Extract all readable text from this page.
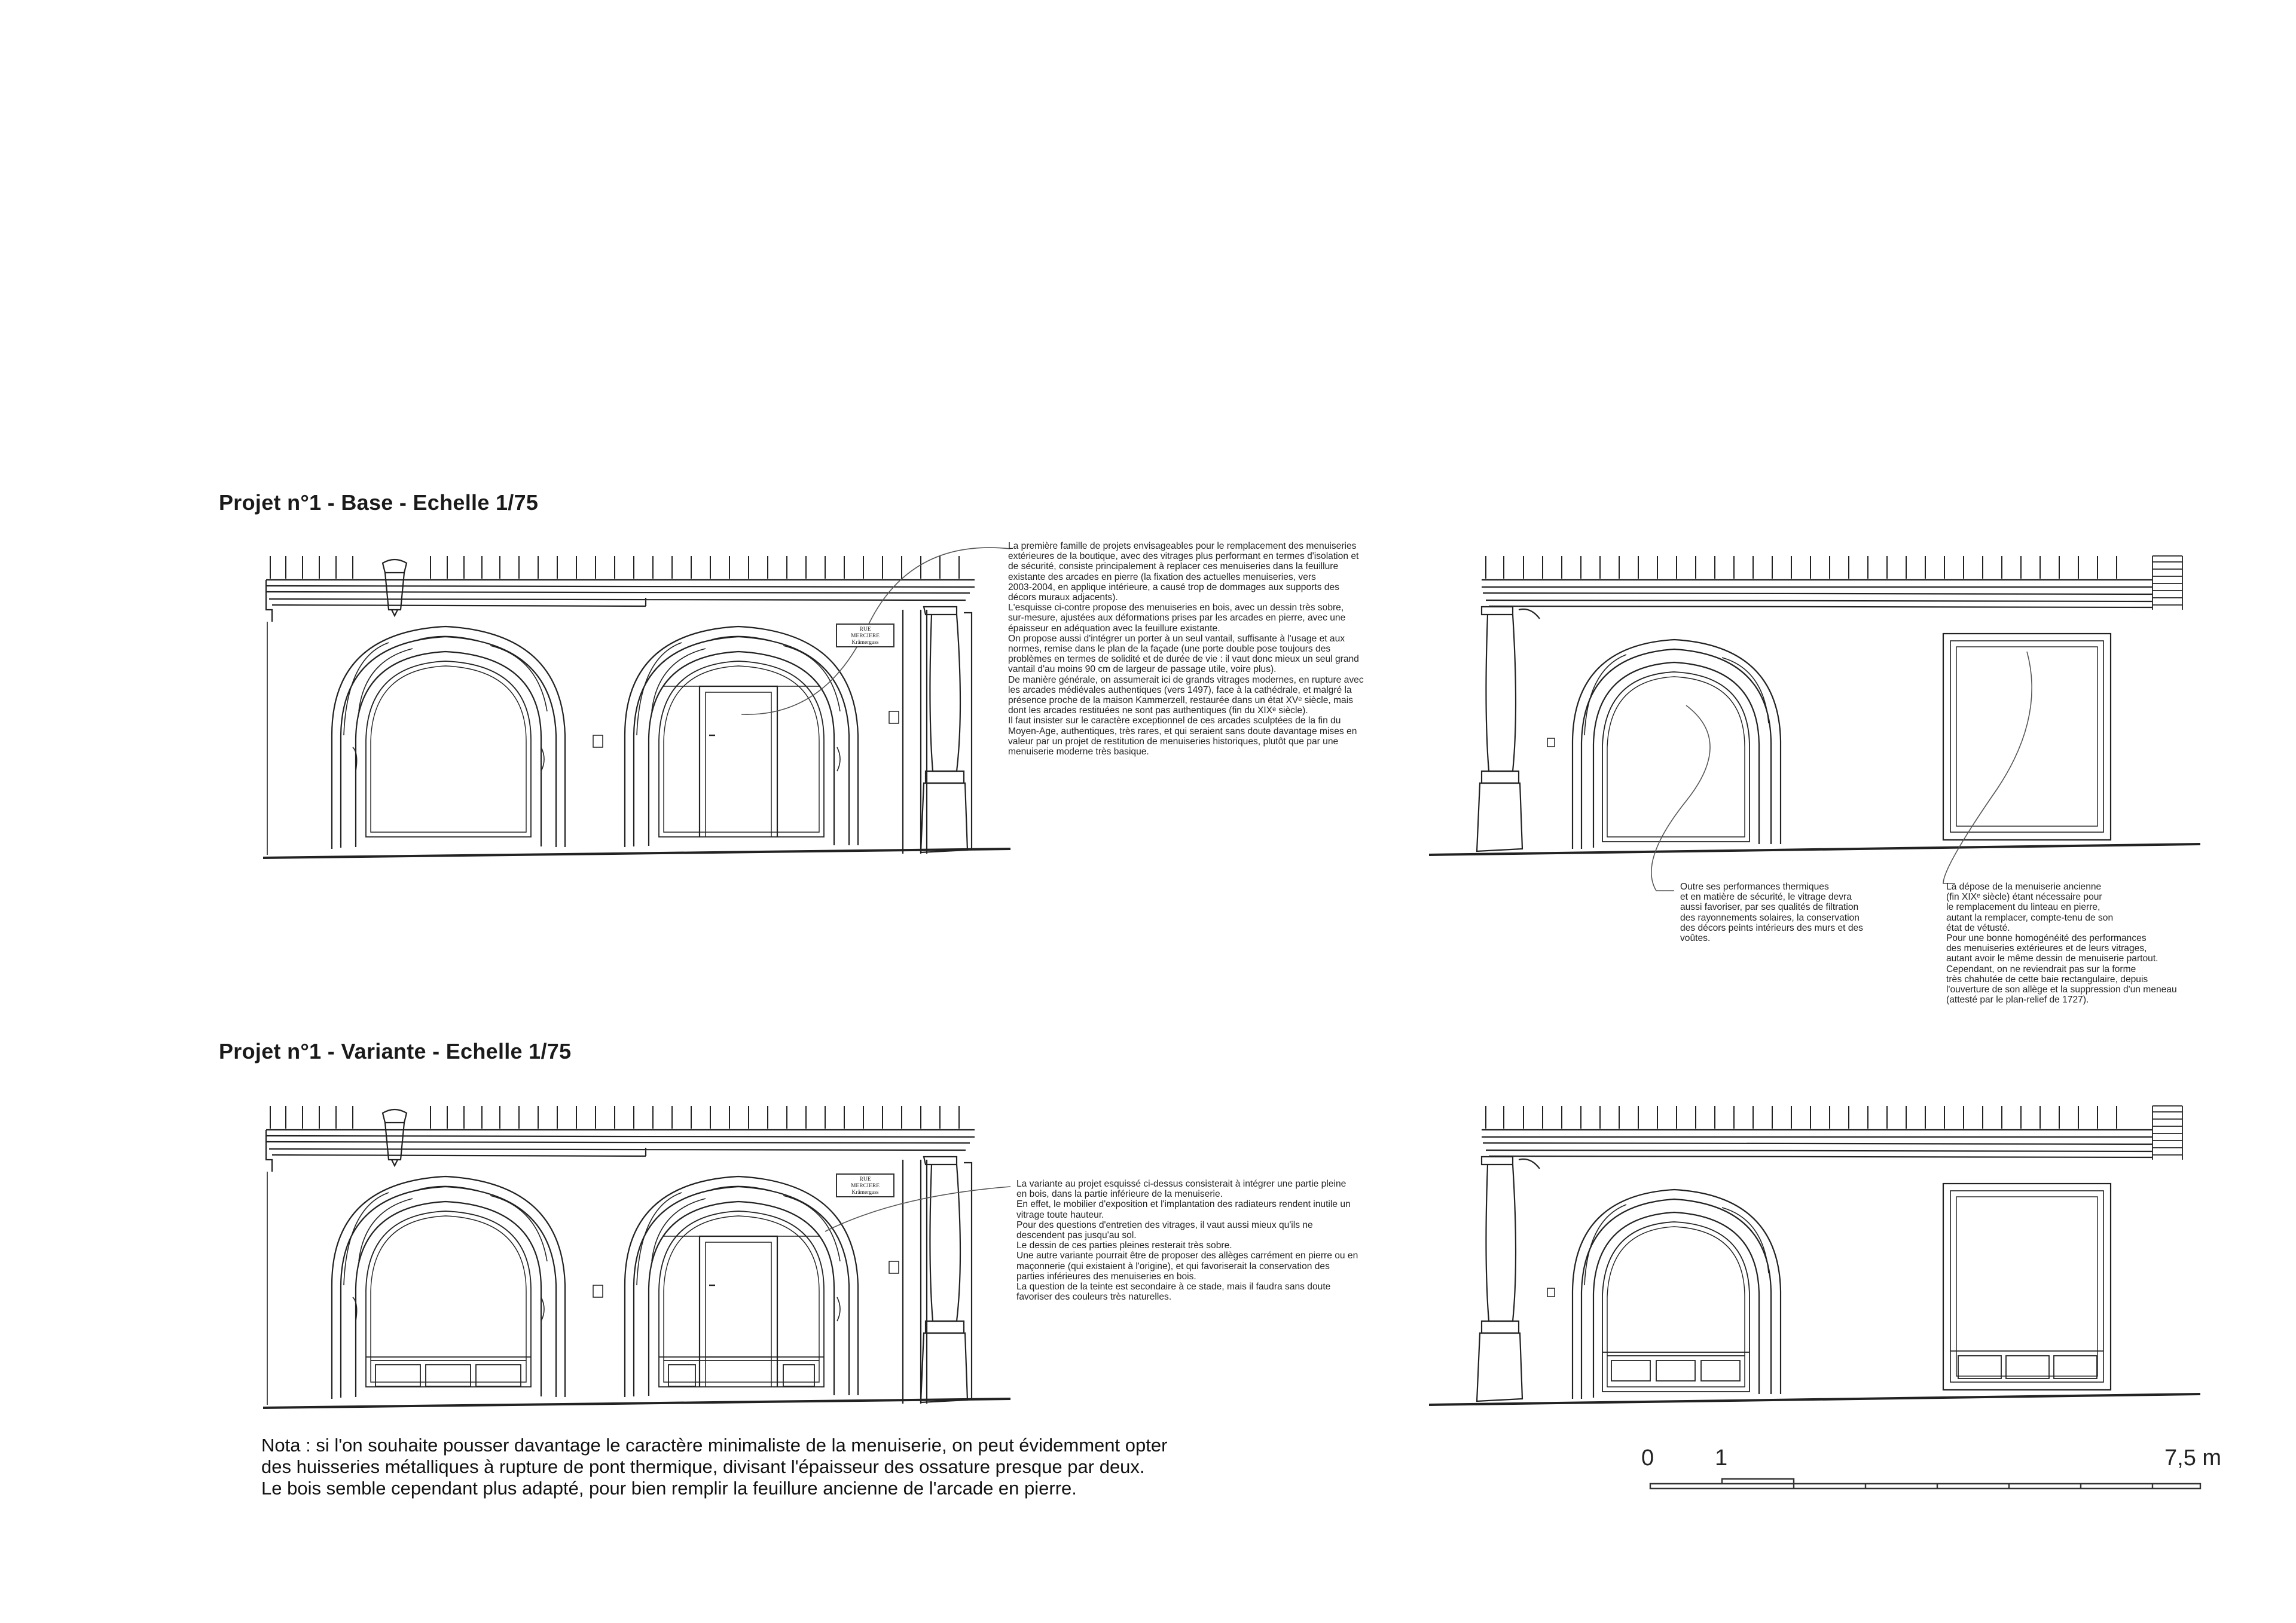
Projet n°1 - Base - Echelle 1/75
Projet n°1 - Variante - Echelle 1/75
RUE
MERCIERE
Krämergass
RUE
MERCIERE
Krämergass

La première famille de projets envisageables pour le remplacement des menuiseries

extérieures de la boutique, avec des vitrages plus performant en termes d'isolation et

de sécurité, consiste principalement à replacer ces menuiseries dans la feuillure

existante des arcades en pierre (la fixation des actuelles menuiseries, vers

2003-2004, en applique intérieure, a causé trop de dommages aux supports des

décors muraux adjacents).

L'esquisse ci-contre propose des menuiseries en bois, avec un dessin très sobre,

sur-mesure, ajustées aux déformations prises par les arcades en pierre, avec une

épaisseur en adéquation avec la feuillure existante.

On propose aussi d'intégrer un porter à un seul vantail, suffisante à l'usage et aux

normes, remise dans le plan de la façade (une porte double pose toujours des

problèmes en termes de solidité et de durée de vie : il vaut donc mieux un seul grand

vantail d'au moins 90 cm de largeur de passage utile, voire plus).

De manière générale, on assumerait ici de grands vitrages modernes, en rupture avec

les arcades médiévales authentiques (vers 1497), face à la cathédrale, et malgré la

présence proche de la maison Kammerzell, restaurée dans un état XVᵉ siècle, mais

dont les arcades restituées ne sont pas authentiques (fin du XIXᵉ siècle).

Il faut insister sur le caractère exceptionnel de ces arcades sculptées de la fin du

Moyen-Age, authentiques, très rares, et qui seraient sans doute davantage mises en

valeur par un projet de restitution de menuiseries historiques, plutôt que par une

menuiserie moderne très basique.

Outre ses performances thermiques

et en matière de sécurité, le vitrage devra

aussi favoriser, par ses qualités de filtration

des rayonnements solaires, la conservation

des décors peints intérieurs des murs et des

voûtes.

La dépose de la menuiserie ancienne

(fin XIXᵉ siècle) étant nécessaire pour

le remplacement du linteau en pierre,

autant la remplacer, compte-tenu de son

état de vétusté.

Pour une bonne homogénéité des performances

des menuiseries extérieures et de leurs vitrages,

autant avoir le même dessin de menuiserie partout.

Cependant, on ne reviendrait pas sur la forme

très chahutée de cette baie rectangulaire, depuis

l'ouverture de son allège et la suppression d'un meneau

(attesté par le plan-relief de 1727).

La variante au projet esquissé ci-dessus consisterait à intégrer une partie pleine

en bois, dans la partie inférieure de la menuiserie.

En effet, le mobilier d'exposition et l'implantation des radiateurs rendent inutile un

vitrage toute hauteur.

Pour des questions d'entretien des vitrages, il vaut aussi mieux qu'ils ne

descendent pas jusqu'au sol.

Le dessin de ces parties pleines resterait très sobre.

Une autre variante pourrait être de proposer des allèges carrément en pierre ou en

maçonnerie (qui existaient à l'origine), et qui favoriserait la conservation des

parties inférieures des menuiseries en bois.

La question de la teinte est secondaire à ce stade, mais il faudra sans doute

favoriser des couleurs très naturelles.

Nota : si l'on souhaite pousser davantage le caractère minimaliste de la menuiserie, on peut évidemment opter

des huisseries métalliques à rupture de pont thermique, divisant l'épaisseur des ossature presque par deux.

Le bois semble cependant plus adapté, pour bien remplir la feuillure ancienne de l'arcade en pierre.

0	1	7,5 m
